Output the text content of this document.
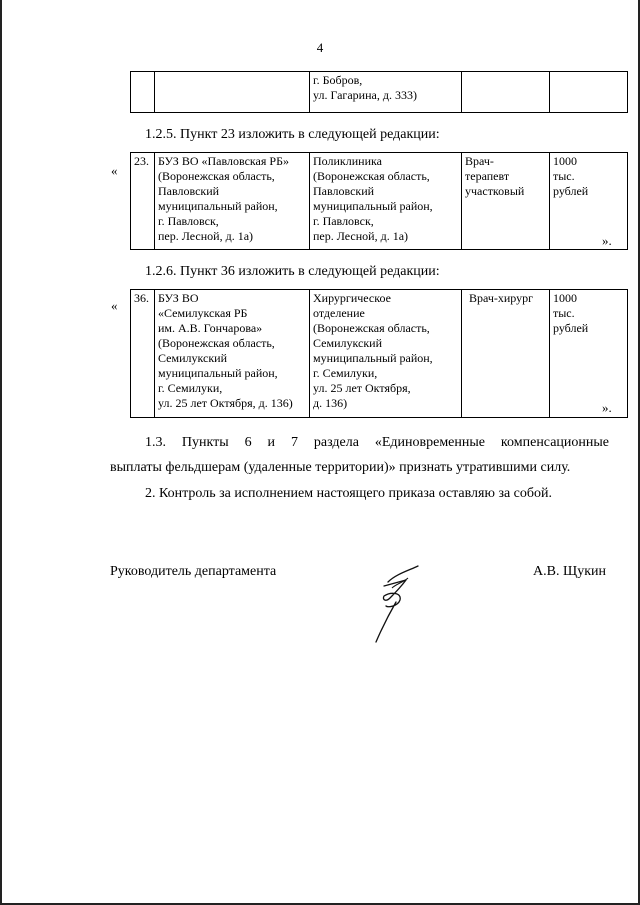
4

г. Бобров,
ул. Гагарина, д. 333)

1.2.5. Пункт 23 изложить в следующей редакции:
«
23.	БУЗ ВО «Павловская РБ»
(Воронежская область,
Павловский
муниципальный район,
г. Павловск,
пер. Лесной, д. 1а)

Поликлиника
(Воронежская область,
Павловский
муниципальный район,
г. Павловск,
пер. Лесной, д. 1а)

Врач-
терапевт
участковый

1000
тыс.
рублей
».
1.2.6. Пункт 36 изложить в следующей редакции:
« 36.	БУЗ ВО
«Семилукская РБ
им. А.В. Гончарова»
(Воронежская область,
Семилукский
муниципальный район,
г. Семилуки,
ул. 25 лет Октября, д. 136)

Хирургическое
отделение
(Воронежская область,
Семилукский
муниципальный район,
г. Семилуки,
ул. 25 лет Октября,
д. 136)

Врач-хирург	1000
тыс.
рублей
».
1.3. Пункты 6 и 7 раздела «Единовременные компенсационные
выплаты фельдшерам (удаленные территории)» признать утратившими силу.
2. Контроль за исполнением настоящего приказа оставляю за собой.
Руководитель департамента	А.В. Щукин
